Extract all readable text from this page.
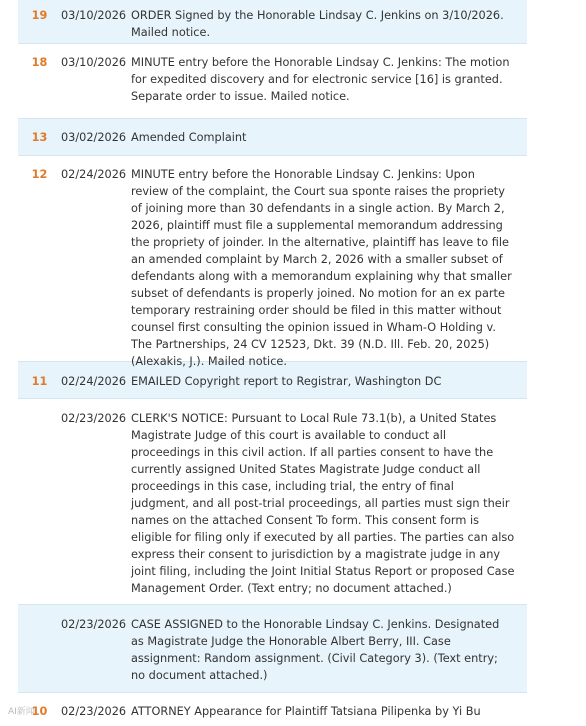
19	03/10/2026 ORDER Signed by the Honorable Lindsay C. Jenkins on 3/10/2026. Mailed notice.
18	03/10/2026 MINUTE entry before the Honorable Lindsay C. Jenkins: The motion for expedited discovery and for electronic service [16] is granted. Separate order to issue. Mailed notice.
13	03/02/2026 Amended Complaint
12	02/24/2026 MINUTE entry before the Honorable Lindsay C. Jenkins: Upon review of the complaint, the Court sua sponte raises the propriety of joining more than 30 defendants in a single action. By March 2, 2026, plaintiff must file a supplemental memorandum addressing the propriety of joinder. In the alternative, plaintiff has leave to file an amended complaint by March 2, 2026 with a smaller subset of defendants along with a memorandum explaining why that smaller subset of defendants is properly joined. No motion for an ex parte temporary restraining order should be filed in this matter without counsel first consulting the opinion issued in Wham-O Holding v. The Partnerships, 24 CV 12523, Dkt. 39 (N.D. Ill. Feb. 20, 2025) (Alexakis, J.). Mailed notice.
11	02/24/2026 EMAILED Copyright report to Registrar, Washington DC
02/23/2026 CLERK'S NOTICE: Pursuant to Local Rule 73.1(b), a United States Magistrate Judge of this court is available to conduct all proceedings in this civil action. If all parties consent to have the currently assigned United States Magistrate Judge conduct all proceedings in this case, including trial, the entry of final judgment, and all post-trial proceedings, all parties must sign their names on the attached Consent To form. This consent form is eligible for filing only if executed by all parties. The parties can also express their consent to jurisdiction by a magistrate judge in any joint filing, including the Joint Initial Status Report or proposed Case Management Order. (Text entry; no document attached.)
02/23/2026 CASE ASSIGNED to the Honorable Lindsay C. Jenkins. Designated as Magistrate Judge the Honorable Albert Berry, III. Case assignment: Random assignment. (Civil Category 3). (Text entry; no document attached.)
10	02/23/2026 ATTORNEY Appearance for Plaintiff Tatsiana Pilipenka by Yi Bu
AI新闻
